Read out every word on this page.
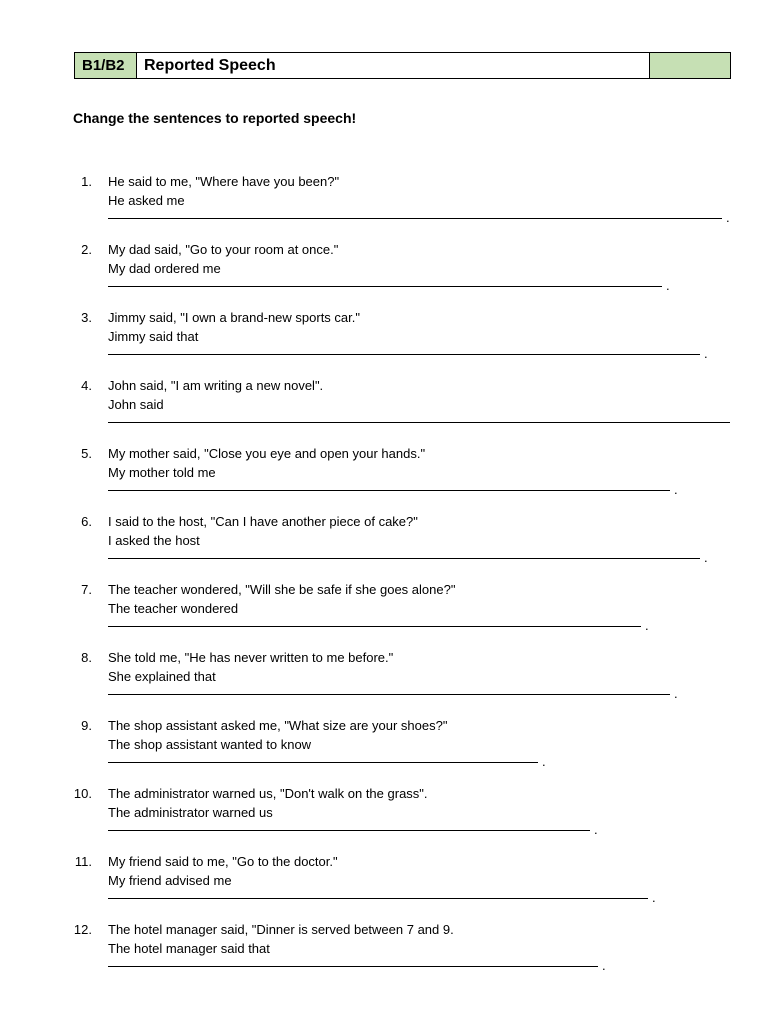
B1/B2	Reported Speech
Change the sentences to reported speech!
1. He said to me, "Where have you been?"
He asked me
.
2. My dad said, "Go to your room at once."
My dad ordered me
.
3. Jimmy said, "I own a brand-new sports car."
Jimmy said that
.
4. John said, "I am writing a new novel".
John said
5. My mother said, "Close you eye and open your hands."
My mother told me
.
6. I said to the host, "Can I have another piece of cake?"
I asked the host
.
7. The teacher wondered, "Will she be safe if she goes alone?"
The teacher wondered
.
8. She told me, "He has never written to me before."
She explained that
.
9. The shop assistant asked me, "What size are your shoes?"
The shop assistant wanted to know
.
10. The administrator warned us, "Don't walk on the grass".
The administrator warned us
.
11. My friend said to me, "Go to the doctor."
My friend advised me
.
12. The hotel manager said, "Dinner is served between 7 and 9.
The hotel manager said that
.
